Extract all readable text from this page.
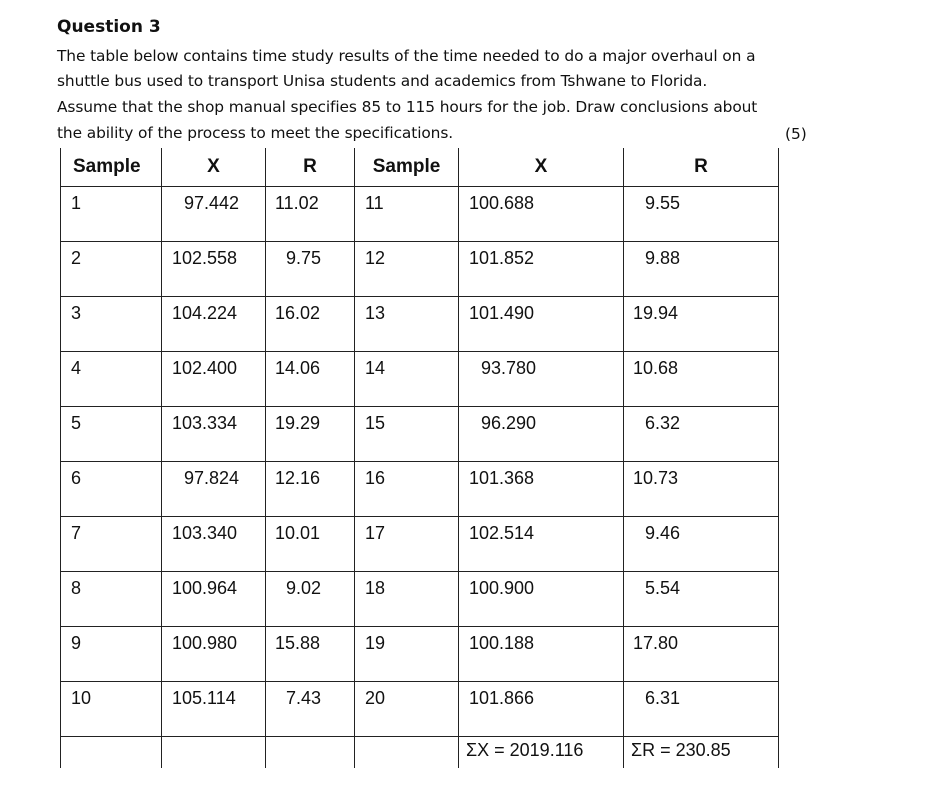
Question 3
The table below contains time study results of the time needed to do a major overhaul on a
shuttle bus used to transport Unisa students and academics from Tshwane to Florida.
Assume that the shop manual specifies 85 to 115 hours for the job. Draw conclusions about
the ability of the process to meet the specifications.	(5)
Sample	X	R	Sample	X	R
1	97.442	11.02	11	100.688	9.55
2	102.558	9.75	12	101.852	9.88
3	104.224	16.02	13	101.490	19.94
4	102.400	14.06	14	93.780	10.68
5	103.334	19.29	15	96.290	6.32
6	97.824	12.16	16	101.368	10.73
7	103.340	10.01	17	102.514	9.46
8	100.964	9.02	18	100.900	5.54
9	100.980	15.88	19	100.188	17.80
10	105.114	7.43	20	101.866	6.31
				ΣX = 2019.116	ΣR = 230.85
